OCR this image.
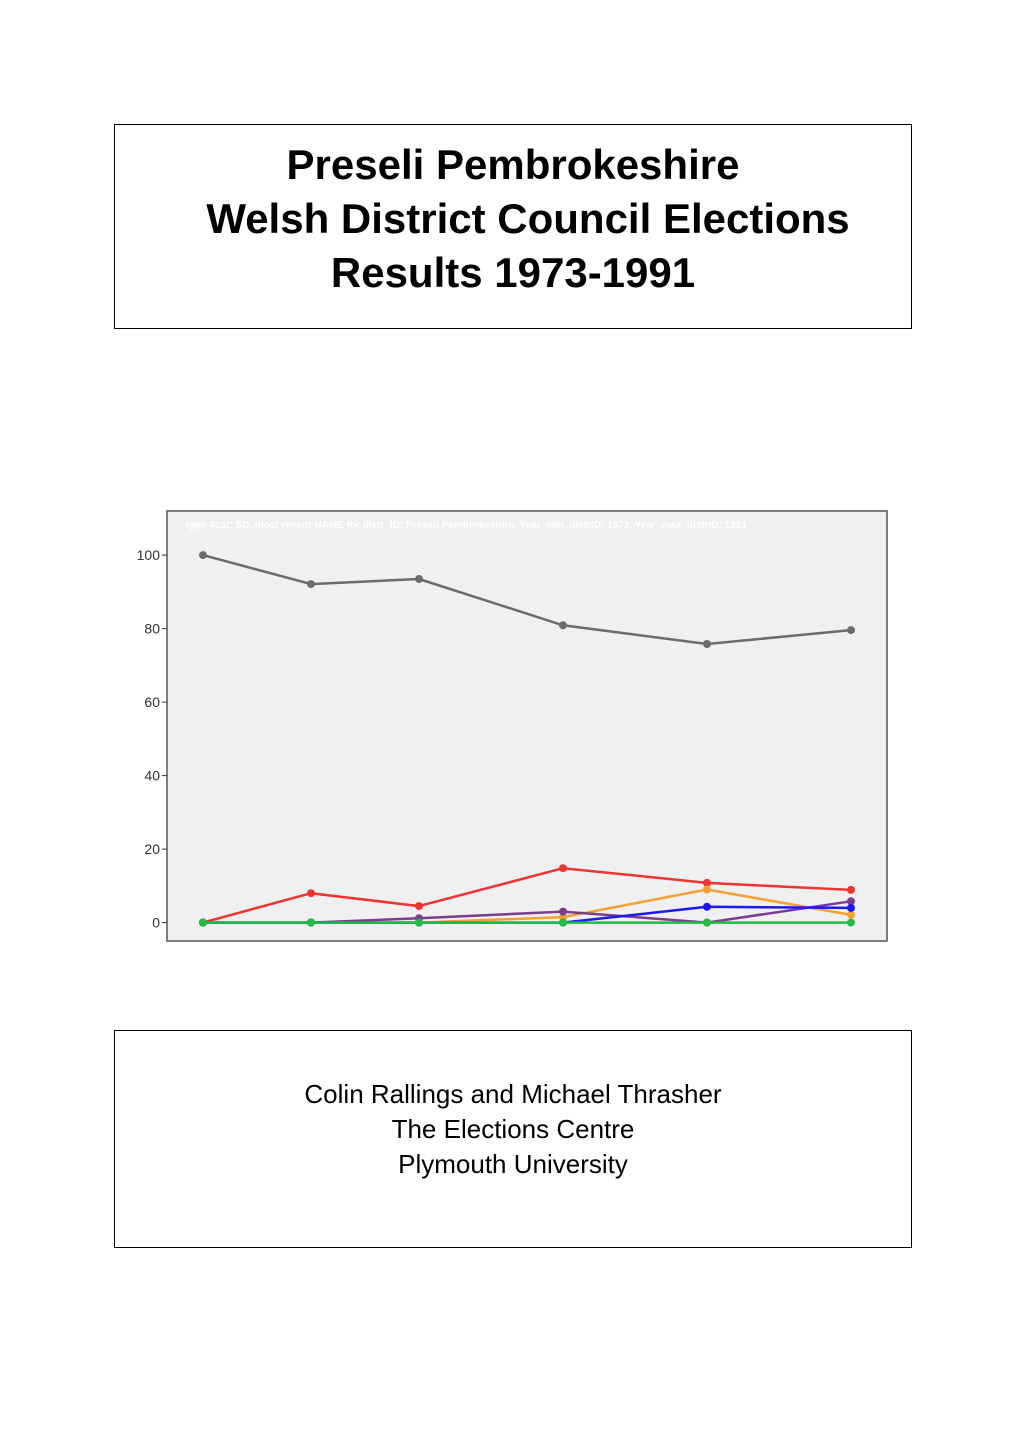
Preseli Pembrokeshire
Welsh District Council Elections
Results 1973-1991
type 4cat: SD, most recent NAME for distr_ID: Preseli Pembrokeshire, Year_min_distrID: 1973, Year_max_distrID: 1991
0
20
40
60
80
100
Colin Rallings and Michael Thrasher
The Elections Centre
Plymouth University
